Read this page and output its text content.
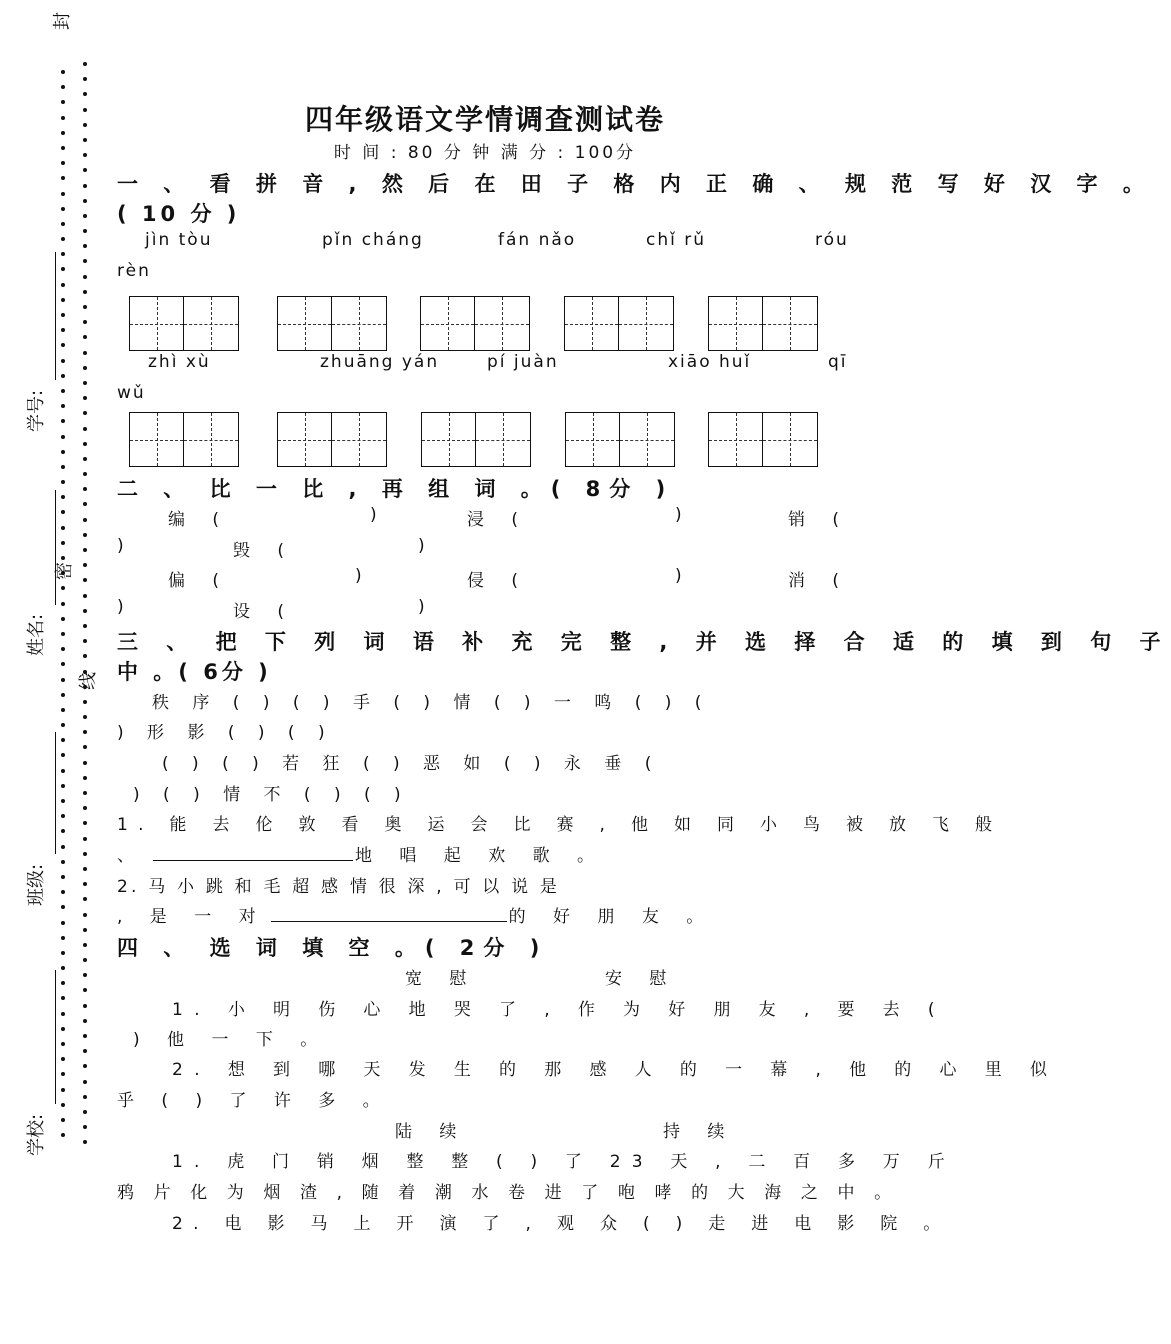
封
密
线
学号:
姓名:
班级:
学校:
四年级语文学情调查测试卷
时 间 : 80 分 钟 满 分 : 100分
一 、 看 拼 音 , 然 后 在 田 子 格 内 正 确 、 规 范 写 好 汉 字 。
( 10 分 )
jìn tòu	pǐn cháng	fán nǎo	chǐ rǔ	róu
rèn
zhì xù	zhuāng yán	pí juàn	xiāo huǐ	qī
wǔ
二 、 比 一 比 , 再 组 词 。( 8分 )
编 (	)	浸 (	)	销 (
)	毁 (	)
偏 (	)	侵 (	)	消 (
)	设 (	)
三 、 把 下 列 词 语 补 充 完 整 , 并 选 择 合 适 的 填 到 句 子
中 。( 6分 )
秩 序 ( ) ( ) 手 ( ) 情 ( ) 一 鸣 ( ) (
) 形 影 ( ) ( )
( ) ( ) 若 狂 ( ) 恶 如 ( ) 永 垂 (
) ( ) 情 不 ( ) ( )
1. 能 去 伦 敦 看 奥 运 会 比 赛 , 他 如 同 小 鸟 被 放 飞 般
、	地 唱 起 欢 歌 。
2. 马 小 跳 和 毛 超 感 情 很 深 , 可 以 说 是
, 是 一 对	的 好 朋 友 。
四 、 选 词 填 空 。( 2分 )
宽 慰	安 慰
1. 小 明 伤 心 地 哭 了 , 作 为 好 朋 友 , 要 去 (
) 他 一 下 。
2. 想 到 哪 天 发 生 的 那 感 人 的 一 幕 , 他 的 心 里 似
乎 ( ) 了 许 多 。
陆 续	持 续
1. 虎 门 销 烟 整 整 ( ) 了 23 天 , 二 百 多 万 斤
鸦 片 化 为 烟 渣 , 随 着 潮 水 卷 进 了 咆 哮 的 大 海 之 中 。
2. 电 影 马 上 开 演 了 , 观 众 ( ) 走 进 电 影 院 。
